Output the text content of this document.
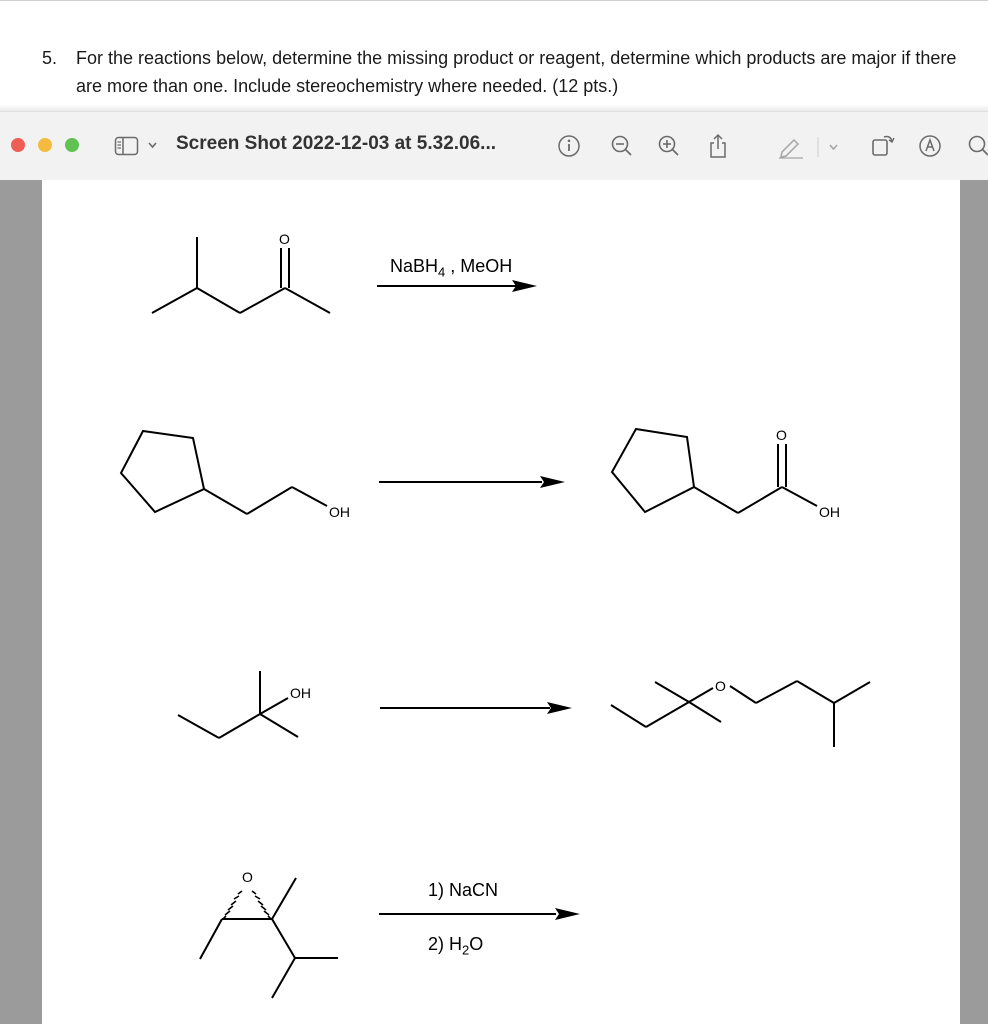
5. For the reactions below, determine the missing product or reagent, determine which products are major if there are more than one. Include stereochemistry where needed. (12 pts.)
Screen Shot 2022-12-03 at 5.32.06...
O
NaBH$_4$ , MeOH
OH
O
OH
OH	O
O
1) NaCN
2) $H_2O$
